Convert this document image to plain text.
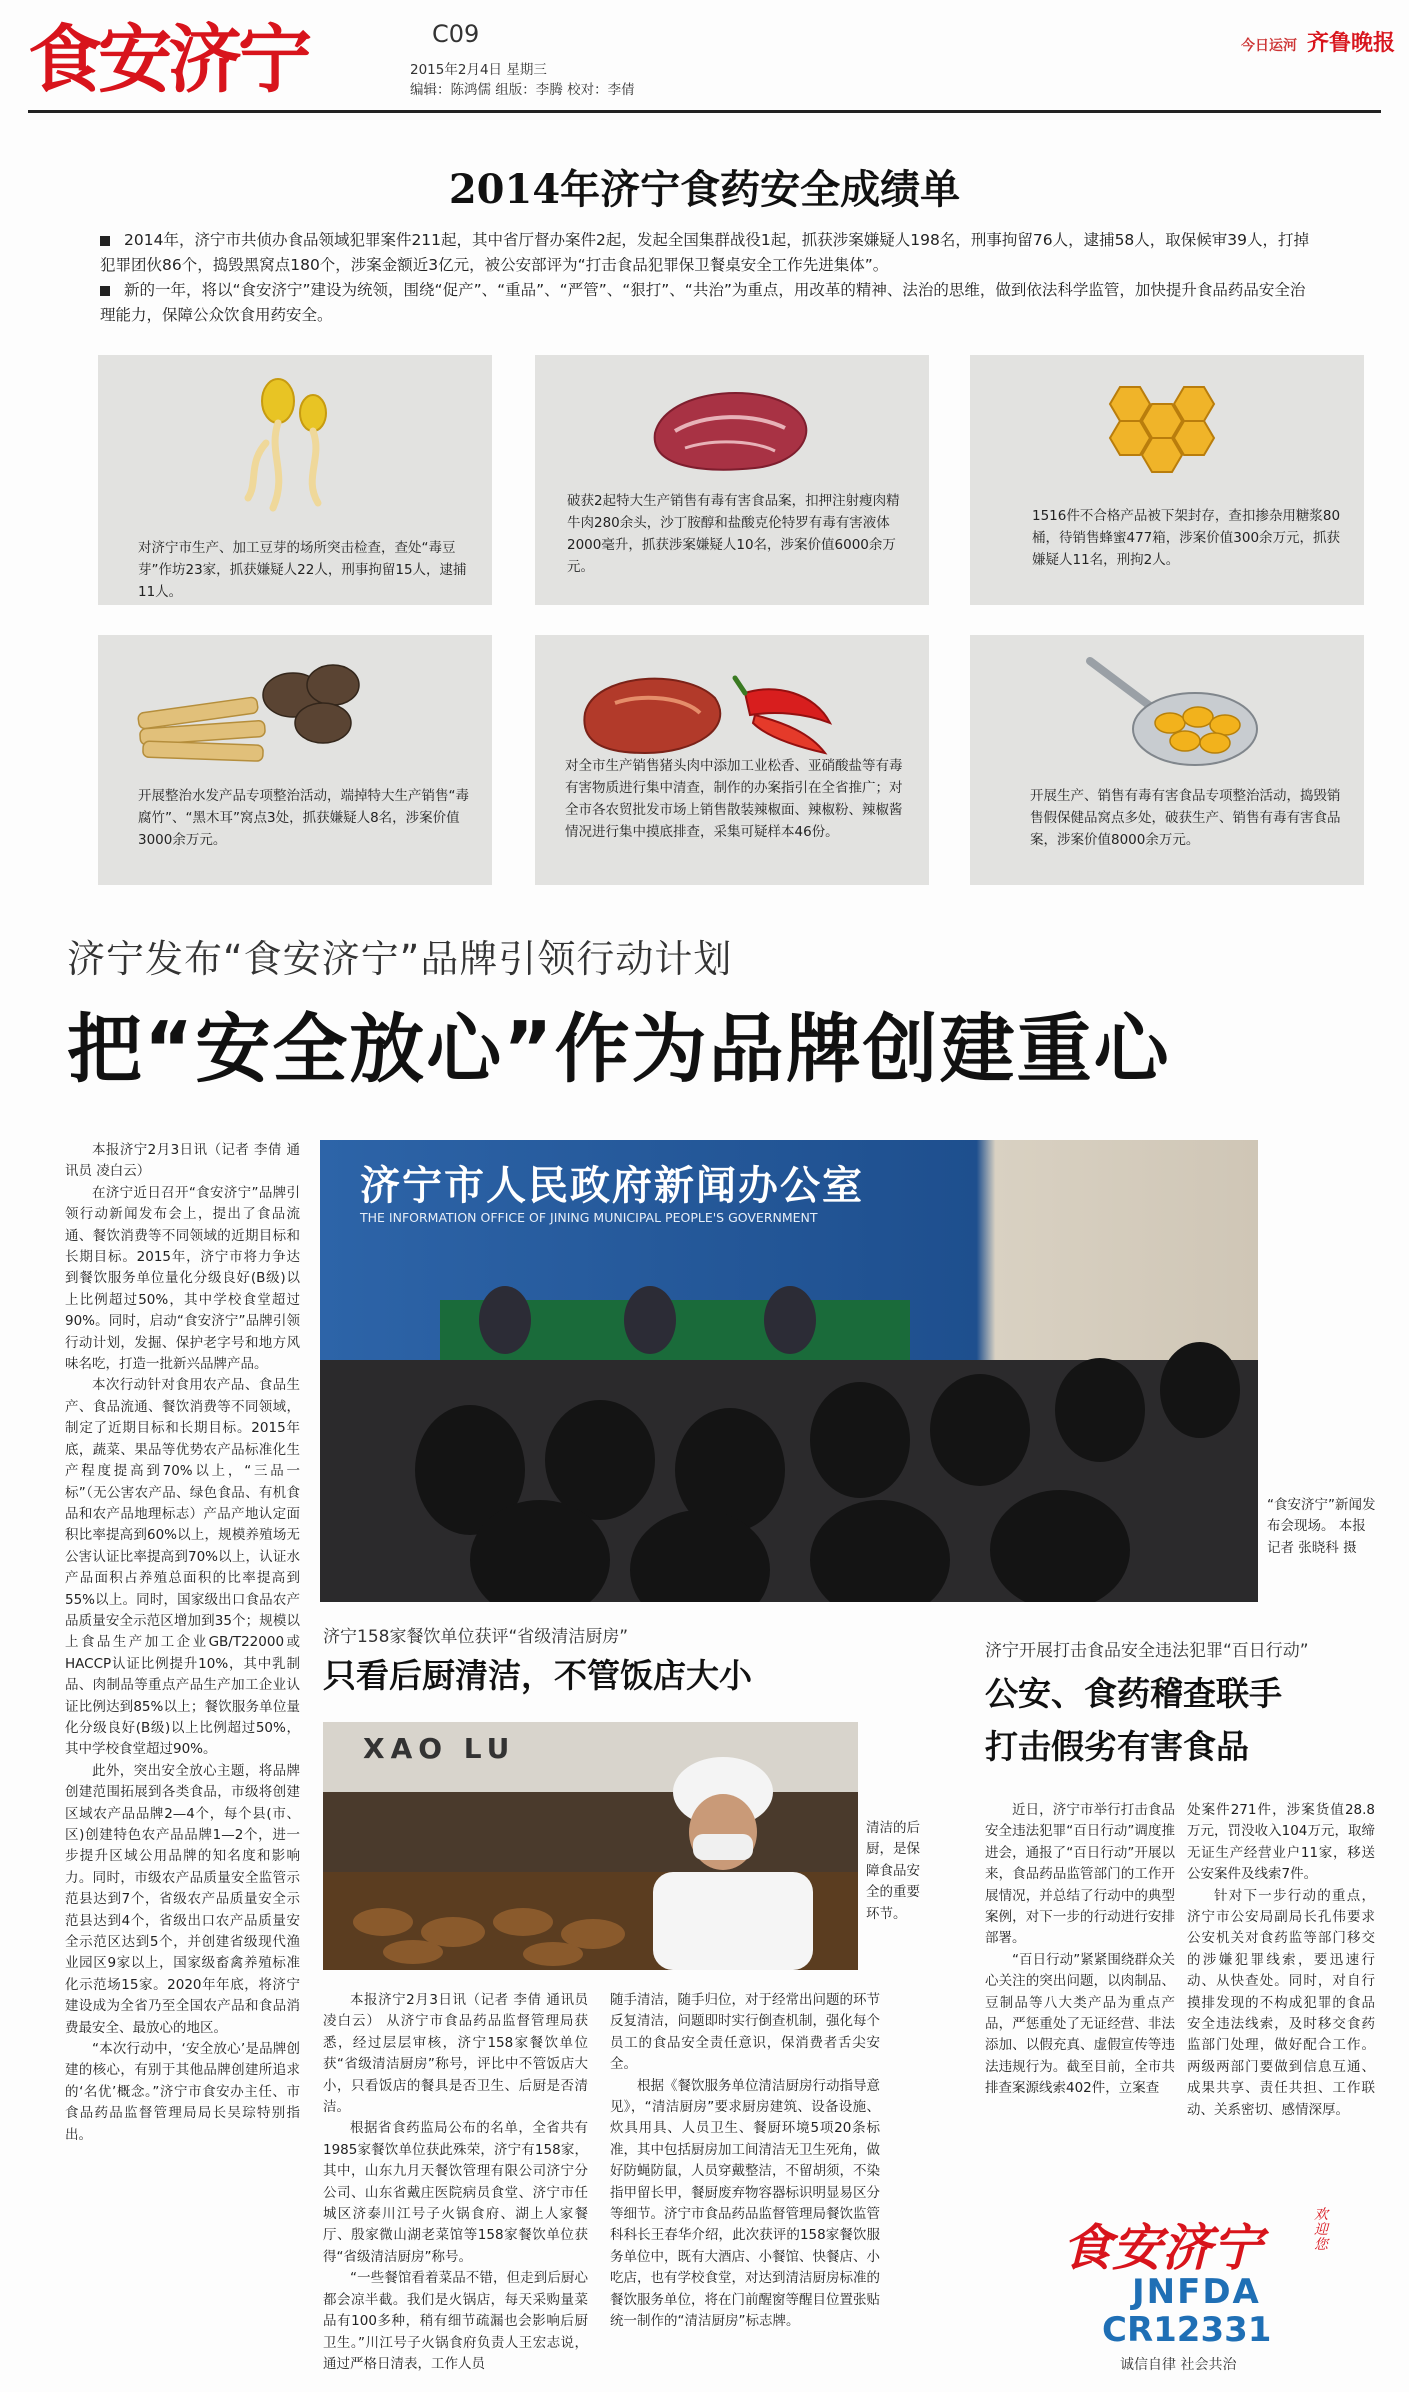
食安济宁	C09
2015年2月4日 星期三
编辑：陈鸿儒 组版：李腾 校对：李倩
今日运河 齐鲁晚报
2014年济宁食药安全成绩单
2014年，济宁市共侦办食品领域犯罪案件211起，其中省厅督办案件2起，发起全国集群战役1起，抓获涉案嫌疑人198名，刑事拘留76人，逮捕58人，取保候审39人，打掉犯罪团伙86个，捣毁黑窝点180个，涉案金额近3亿元，被公安部评为“打击食品犯罪保卫餐桌安全工作先进集体”。
新的一年，将以“食安济宁”建设为统领，围绕“促产”、“重品”、“严管”、“狠打”、“共治”为重点，用改革的精神、法治的思维，做到依法科学监管，加快提升食品药品安全治理能力，保障公众饮食用药安全。
对济宁市生产、加工豆芽的场所突击检查，查处“毒豆芽”作坊23家，抓获嫌疑人22人，刑事拘留15人，逮捕11人。
破获2起特大生产销售有毒有害食品案，扣押注射瘦肉精牛肉280余头，沙丁胺醇和盐酸克伦特罗有毒有害液体2000毫升，抓获涉案嫌疑人10名，涉案价值6000余万元。
1516件不合格产品被下架封存，查扣掺杂用糖浆80桶，待销售蜂蜜477箱，涉案价值300余万元，抓获嫌疑人11名，刑拘2人。
开展整治水发产品专项整治活动，端掉特大生产销售“毒腐竹”、“黑木耳”窝点3处，抓获嫌疑人8名，涉案价值3000余万元。
对全市生产销售猪头肉中添加工业松香、亚硝酸盐等有毒有害物质进行集中清查，制作的办案指引在全省推广；对全市各农贸批发市场上销售散装辣椒面、辣椒粉、辣椒酱情况进行集中摸底排查，采集可疑样本46份。
开展生产、销售有毒有害食品专项整治活动，捣毁销售假保健品窝点多处，破获生产、销售有毒有害食品案，涉案价值8000余万元。
济宁发布“食安济宁”品牌引领行动计划
把“安全放心”作为品牌创建重心

本报济宁2月3日讯（记者 李倩 通讯员 凌白云）

在济宁近日召开“食安济宁”品牌引领行动新闻发布会上，提出了食品流通、餐饮消费等不同领域的近期目标和长期目标。2015年，济宁市将力争达到餐饮服务单位量化分级良好(B级)以上比例超过50%，其中学校食堂超过90%。同时，启动“食安济宁”品牌引领行动计划，发掘、保护老字号和地方风味名吃，打造一批新兴品牌产品。

本次行动针对食用农产品、食品生产、食品流通、餐饮消费等不同领域，制定了近期目标和长期目标。2015年底，蔬菜、果品等优势农产品标准化生产程度提高到70%以上，“三品一标”（无公害农产品、绿色食品、有机食品和农产品地理标志）产品产地认定面积比率提高到60%以上，规模养殖场无公害认证比率提高到70%以上，认证水产品面积占养殖总面积的比率提高到55%以上。同时，国家级出口食品农产品质量安全示范区增加到35个；规模以上食品生产加工企业GB/T22000或HACCP认证比例提升10%，其中乳制品、肉制品等重点产品生产加工企业认证比例达到85%以上；餐饮服务单位量化分级良好(B级)以上比例超过50%，其中学校食堂超过90%。

此外，突出安全放心主题，将品牌创建范围拓展到各类食品，市级将创建区域农产品品牌2—4个，每个县(市、区)创建特色农产品品牌1—2个，进一步提升区域公用品牌的知名度和影响力。同时，市级农产品质量安全监管示范县达到7个，省级农产品质量安全示范县达到4个，省级出口农产品质量安全示范区达到5个，并创建省级现代渔业园区9家以上，国家级畜禽养殖标准化示范场15家。2020年年底，将济宁建设成为全省乃至全国农产品和食品消费最安全、最放心的地区。

“本次行动中，‘安全放心’是品牌创建的核心，有别于其他品牌创建所追求的‘名优’概念。”济宁市食安办主任、市食品药品监督管理局局长吴琮特别指出。

济宁市人民政府新闻办公室
THE INFORMATION OFFICE OF JINING MUNICIPAL PEOPLE'S GOVERNMENT

“食安济宁”新闻发布会现场。 本报记者 张晓科 摄

济宁158家餐饮单位获评“省级清洁厨房”
只看后厨清洁，不管饭店大小
XAO LU

清洁的后厨，是保障食品安全的重要环节。

本报济宁2月3日讯（记者 李倩 通讯员 凌白云） 从济宁市食品药品监督管理局获悉，经过层层审核，济宁158家餐饮单位获“省级清洁厨房”称号，评比中不管饭店大小，只看饭店的餐具是否卫生、后厨是否清洁。

根据省食药监局公布的名单，全省共有1985家餐饮单位获此殊荣，济宁有158家，其中，山东九月天餐饮管理有限公司济宁分公司、山东省戴庄医院病员食堂、济宁市任城区济泰川江号子火锅食府、湖上人家餐厅、殷家微山湖老菜馆等158家餐饮单位获得“省级清洁厨房”称号。

“一些餐馆看着菜品不错，但走到后厨心都会凉半截。我们是火锅店，每天采购量菜品有100多种，稍有细节疏漏也会影响后厨卫生。”川江号子火锅食府负责人王宏志说，通过严格日清表，工作人员

随手清洁，随手归位，对于经常出问题的环节反复清洁，问题即时实行倒查机制，强化每个员工的食品安全责任意识，保消费者舌尖安全。

根据《餐饮服务单位清洁厨房行动指导意见》，“清洁厨房”要求厨房建筑、设备设施、炊具用具、人员卫生、餐厨环境5项20条标准，其中包括厨房加工间清洁无卫生死角，做好防蝇防鼠，人员穿戴整洁，不留胡须，不染指甲留长甲，餐厨废弃物容器标识明显易区分等细节。济宁市食品药品监督管理局餐饮监管科科长王春华介绍，此次获评的158家餐饮服务单位中，既有大酒店、小餐馆、快餐店、小吃店，也有学校食堂，对达到清洁厨房标准的餐饮服务单位，将在门前醒窗等醒目位置张贴统一制作的“清洁厨房”标志牌。

济宁开展打击食品安全违法犯罪“百日行动”
公安、食药稽查联手
打击假劣有害食品

近日，济宁市举行打击食品安全违法犯罪“百日行动”调度推进会，通报了“百日行动”开展以来，食品药品监管部门的工作开展情况，并总结了行动中的典型案例，对下一步的行动进行安排部署。

“百日行动”紧紧围绕群众关心关注的突出问题，以肉制品、豆制品等八大类产品为重点产品，严惩重处了无证经营、非法添加、以假充真、虚假宣传等违法违规行为。截至目前，全市共排查案源线索402件，立案查

处案件271件，涉案货值28.8万元，罚没收入104万元，取缔无证生产经营业户11家，移送公安案件及线索7件。

针对下一步行动的重点，济宁市公安局副局长孔伟要求公安机关对食药监等部门移交的涉嫌犯罪线索，要迅速行动、从快查处。同时，对自行摸排发现的不构成犯罪的食品安全违法线索，及时移交食药监部门处理，做好配合工作。两级两部门要做到信息互通、成果共享、责任共担、工作联动、关系密切、感情深厚。

食安济宁
欢迎您
JNFDA
CR12331
诚信自律 社会共治
